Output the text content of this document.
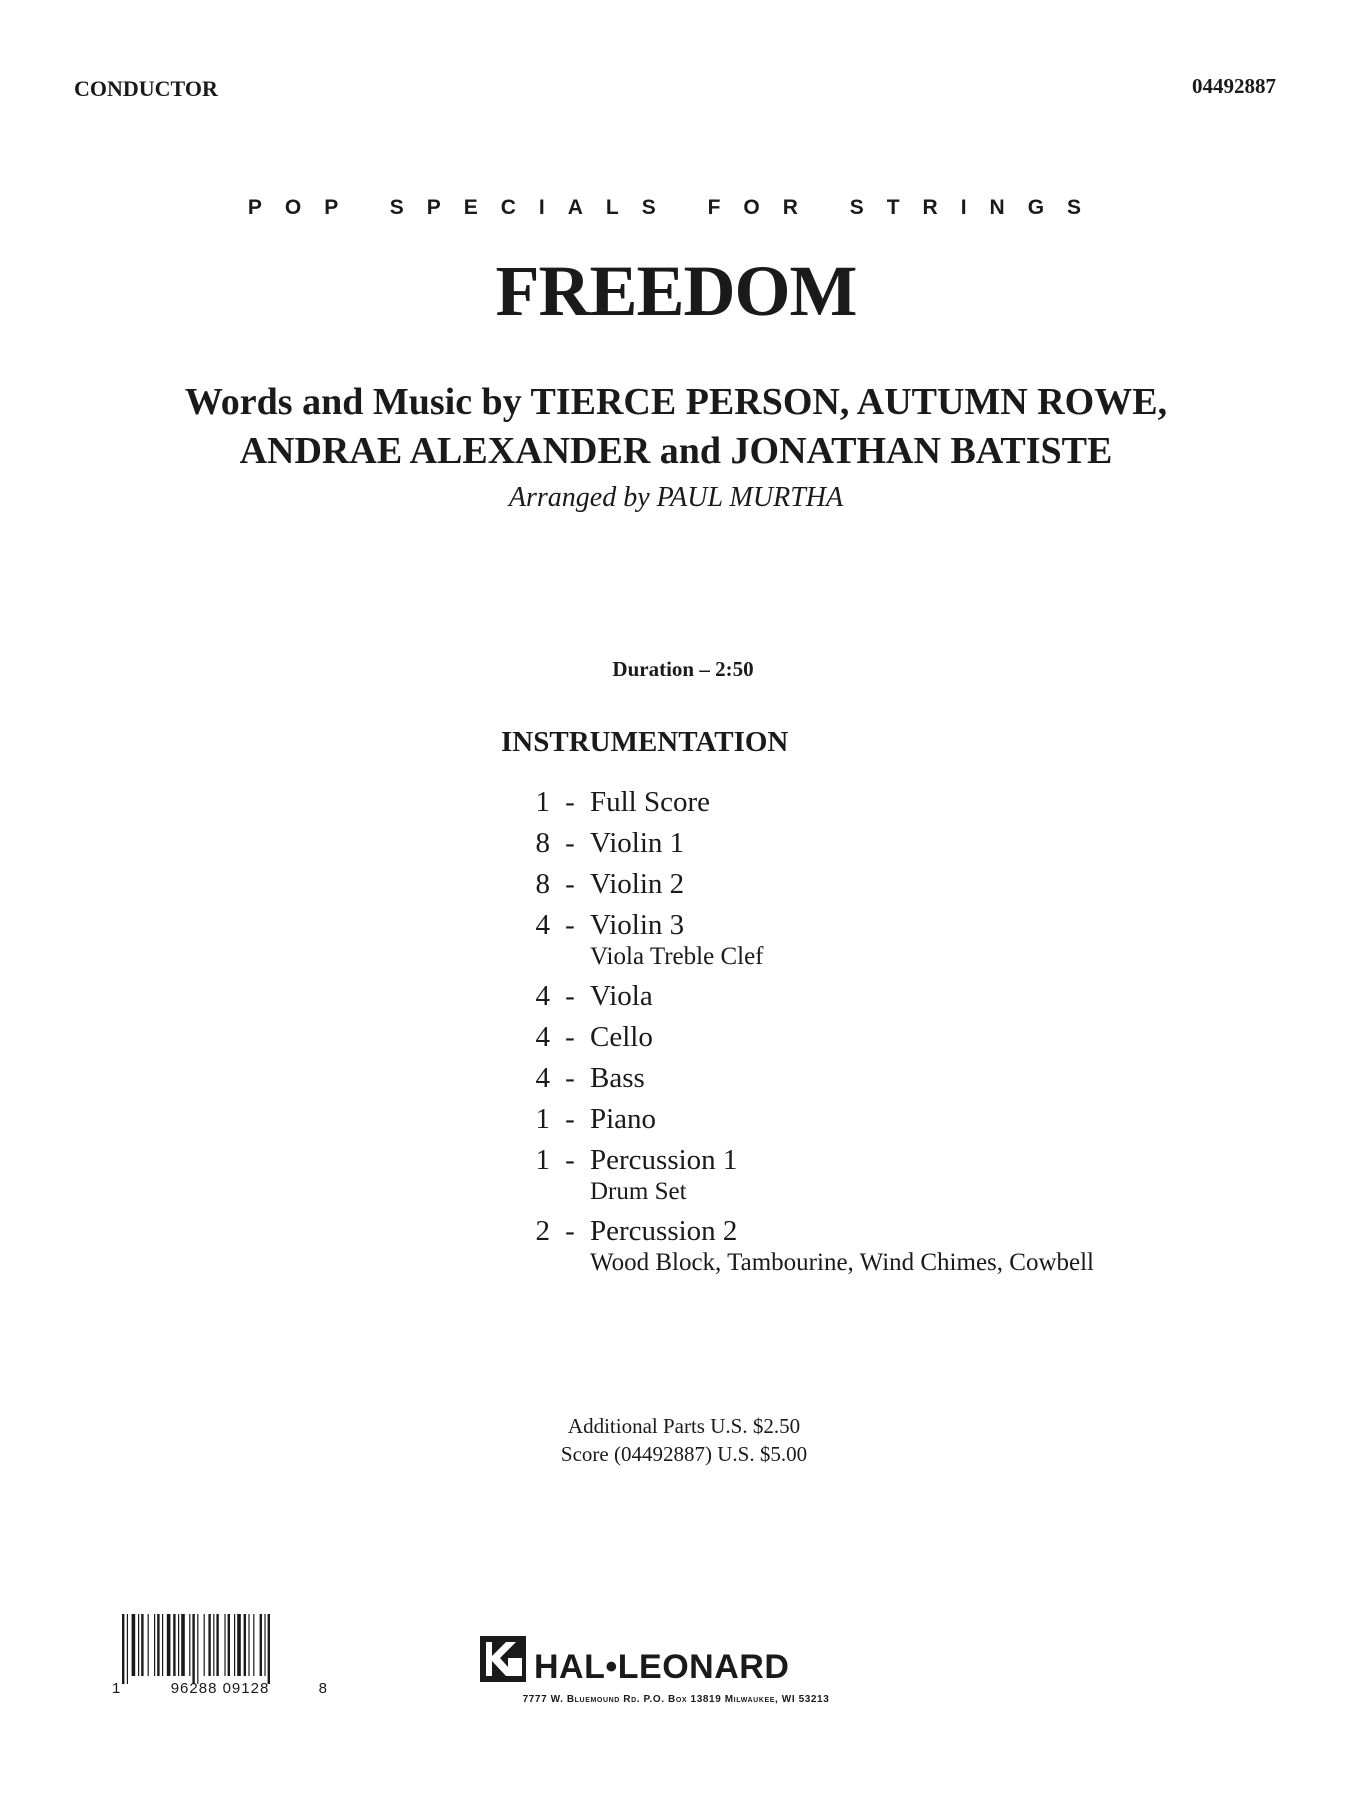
CONDUCTOR	04492887
POP SPECIALS FOR STRINGS
FREEDOM
Words and Music by TIERCE PERSON, AUTUMN ROWE,
ANDRAE ALEXANDER and JONATHAN BATISTE
Arranged by PAUL MURTHA
Duration – 2:50
INSTRUMENTATION
1 - Full Score
8 - Violin 1
8 - Violin 2
4 - Violin 3
Viola Treble Clef
4 - Viola
4 - Cello
4 - Bass
1 - Piano
1 - Percussion 1
Drum Set
2 - Percussion 2
Wood Block, Tambourine, Wind Chimes, Cowbell
Additional Parts U.S. $2.50
Score (04492887) U.S. $5.00
1	96288 09128	8
HAL•LEONARD
7777 W. Bluemound Rd. P.O. Box 13819 Milwaukee, WI 53213
